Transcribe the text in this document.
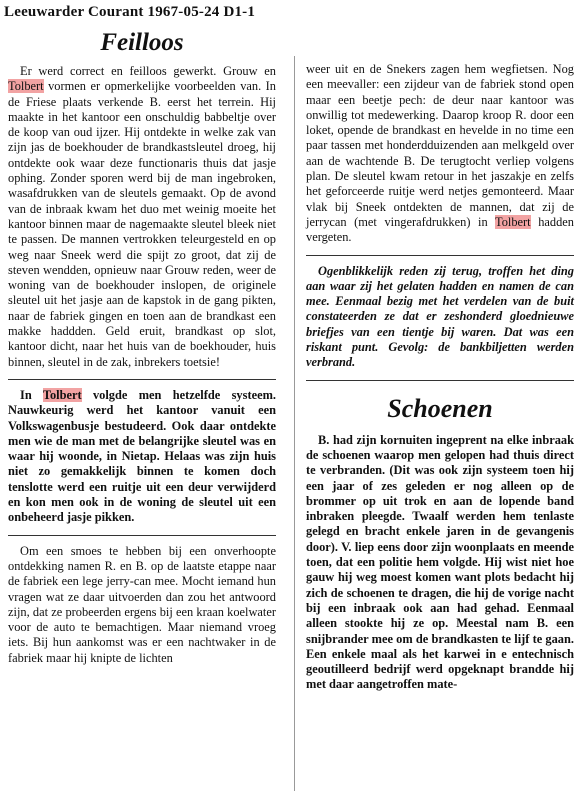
Leeuwarder Courant 1967-05-24 D1-1
Feilloos

Er werd correct en feilloos gewerkt. Grouw en Tolbert vormen er opmerkelijke voorbeelden van. In de Friese plaats verkende B. eerst het terrein. Hij maakte in het kantoor een onschuldig babbeltje over de koop van oud ijzer. Hij ontdekte in welke zak van zijn jas de boekhouder de brandkastsleutel droeg, hij ontdekte ook waar deze functionaris thuis dat jasje ophing. Zonder sporen werd bij de man ingebroken, wasafdrukken van de sleutels gemaakt. Op de avond van de inbraak kwam het duo met weinig moeite het kantoor binnen maar de nagemaakte sleutel bleek niet te passen. De mannen vertrokken teleurgesteld en op weg naar Sneek werd die spijt zo groot, dat zij de steven wendden, opnieuw naar Grouw reden, weer de woning van de boekhouder inslopen, de originele sleutel uit het jasje aan de kapstok in de gang pikten, naar de fabriek gingen en toen aan de brandkast een makke haddden. Geld eruit, brandkast op slot, kantoor dicht, naar het huis van de boekhouder, huis binnen, sleutel in de zak, inbrekers toetsie!

In Tolbert volgde men hetzelfde systeem. Nauwkeurig werd het kantoor vanuit een Volkswagenbusje bestudeerd. Ook daar ontdekte men wie de man met de belangrijke sleutel was en waar hij woonde, in Nietap. Helaas was zijn huis niet zo gemakkelijk binnen te komen doch tenslotte werd een ruitje uit een deur verwijderd en kon men ook in de woning de sleutel uit een onbeheerd jasje pikken.

Om een smoes te hebben bij een onverhoopte ontdekking namen R. en B. op de laatste etappe naar de fabriek een lege jerry-can mee. Mocht iemand hun vragen wat ze daar uitvoerden dan zou het antwoord zijn, dat ze probeerden ergens bij een kraan koelwater voor de auto te bemachtigen. Maar niemand vroeg iets. Bij hun aankomst was er een nachtwaker in de fabriek maar hij knipte de lichten

weer uit en de Snekers zagen hem wegfietsen. Nog een meevaller: een zijdeur van de fabriek stond open maar een beetje pech: de deur naar kantoor was onwillig tot medewerking. Daarop kroop R. door een loket, opende de brandkast en hevelde in no time een paar tassen met honderdduizenden aan melkgeld over aan de wachtende B. De terugtocht verliep volgens plan. De sleutel kwam retour in het jaszakje en zelfs het geforceerde ruitje werd netjes gemonteerd. Maar vlak bij Sneek ontdekten de mannen, dat zij de jerrycan (met vingerafdrukken) in Tolbert hadden vergeten.

Ogenblikkelijk reden zij terug, troffen het ding aan waar zij het gelaten hadden en namen de can mee. Eenmaal bezig met het verdelen van de buit constateerden ze dat er zeshonderd gloednieuwe briefjes van een tientje bij waren. Dat was een riskant punt. Gevolg: de bankbiljetten werden verbrand.

Schoenen

B. had zijn kornuiten ingeprent na elke inbraak de schoenen waarop men gelopen had thuis direct te verbranden. (Dit was ook zijn systeem toen hij een jaar of zes geleden er nog alleen op de brommer op uit trok en aan de lopende band inbraken pleegde. Twaalf werden hem tenlaste gelegd en bracht enkele jaren in de gevangenis door). V. liep eens door zijn woonplaats en meende toen, dat een politie hem volgde. Hij wist niet hoe gauw hij weg moest komen want plots bedacht hij zich de schoenen te dragen, die hij de vorige nacht bij een inbraak ook aan had gehad. Eenmaal alleen stookte hij ze op. Meestal nam B. een snijbrander mee om de brandkasten te lijf te gaan. Een enkele maal als het karwei in e entechnisch geoutilleerd bedrijf werd opgeknapt brandde hij met daar aangetroffen mate-
